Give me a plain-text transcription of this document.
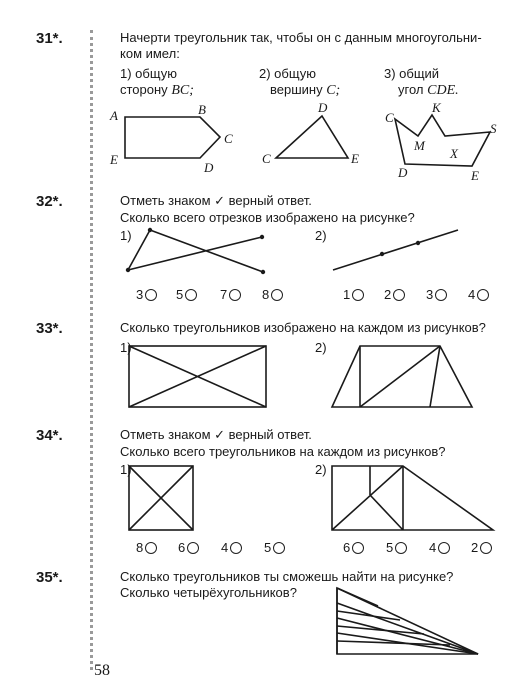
31*.	Начерти треугольник так, чтобы он с данным многоугольни-
ком имел:
1) общую
сторону BC;
2) общую
вершину C;
3) общий
угол CDE.
A	B
C
D
E
D
C	E
K
C
S
M
X
D	E
32*.	Отметь знаком ✓ верный ответ.
Сколько всего отрезков изображено на рисунке?
1)	2)
3	5	7	8	1	2	3	4
33*.	Сколько треугольников изображено на каждом из рисунков?
1)	2)
34*.	Отметь знаком ✓ верный ответ.
Сколько всего треугольников на каждом из рисунков?
1)	2)
8	6	4	5	6	5	4	2
35*.	Сколько треугольников ты сможешь найти на рисунке?
Сколько четырёхугольников?
58
